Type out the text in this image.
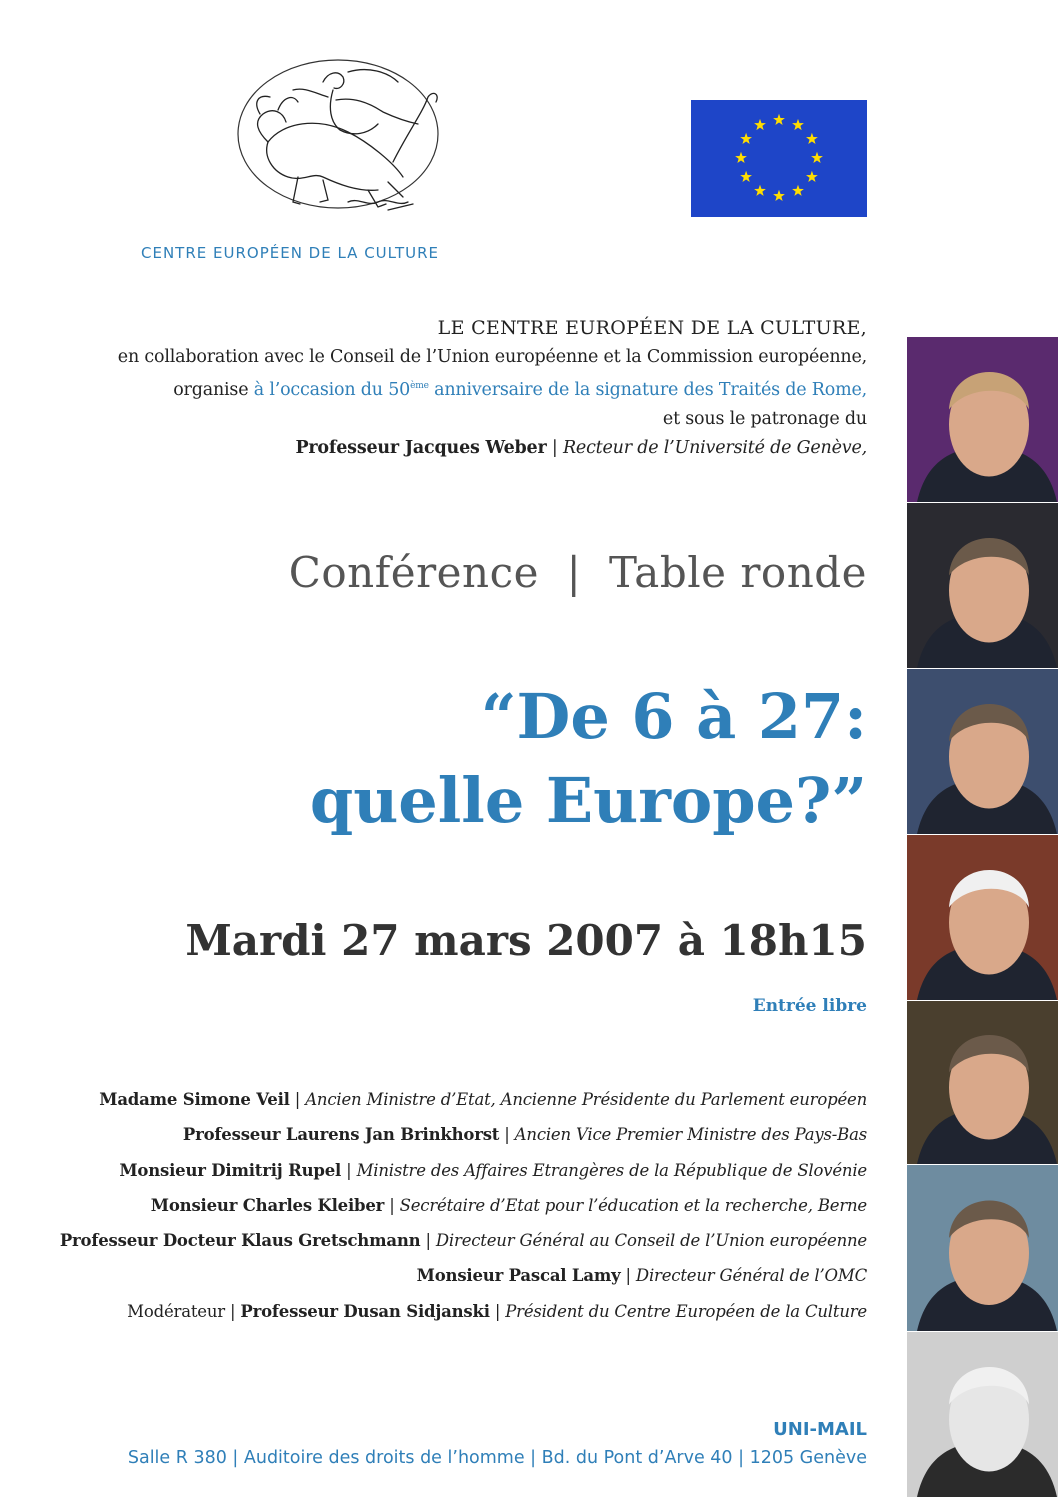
CENTRE EUROPÉEN DE LA CULTURE
LE CENTRE EUROPÉEN DE LA CULTURE,
en collaboration avec le Conseil de l’Union européenne et la Commission européenne,
organise à l’occasion du 50ème anniversaire de la signature des Traités de Rome,
et sous le patronage du
Professeur Jacques Weber | Recteur de l’Université de Genève,
Conférence  |  Table ronde
“De 6 à 27:
quelle Europe?”
Mardi 27 mars 2007 à 18h15
Entrée libre
Madame Simone Veil | Ancien Ministre d’Etat, Ancienne Présidente du Parlement européen
Professeur Laurens Jan Brinkhorst | Ancien Vice Premier Ministre des Pays-Bas
Monsieur Dimitrij Rupel | Ministre des Affaires Etrangères de la République de Slovénie
Monsieur Charles Kleiber | Secrétaire d’Etat pour l’éducation et la recherche, Berne
Professeur Docteur Klaus Gretschmann | Directeur Général au Conseil de l’Union européenne
Monsieur Pascal Lamy | Directeur Général de l’OMC
Modérateur | Professeur Dusan Sidjanski | Président du Centre Européen de la Culture
UNI-MAIL
Salle R 380 | Auditoire des droits de l’homme | Bd. du Pont d’Arve 40 | 1205 Genève
